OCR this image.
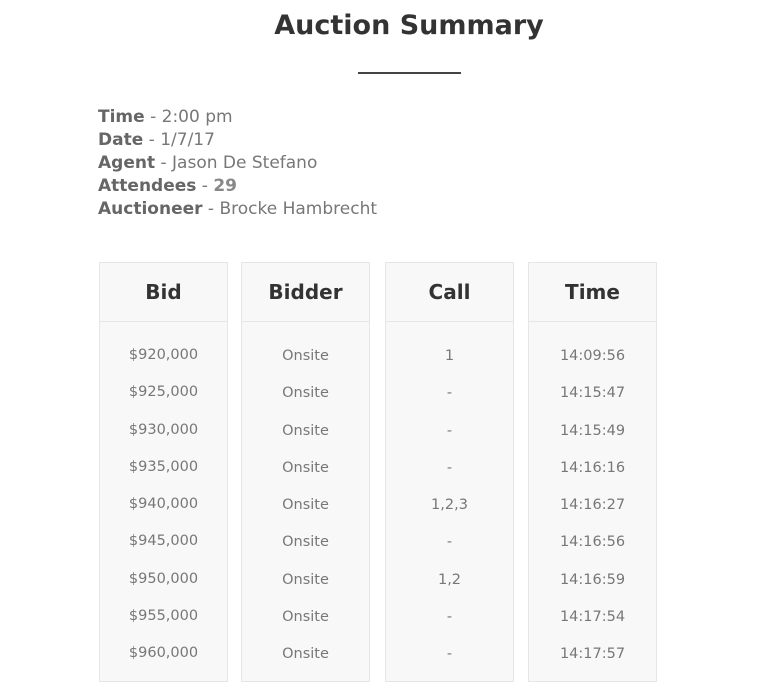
Auction Summary
Time - 2:00 pm
Date - 1/7/17
Agent - Jason De Stefano
Attendees - 29
Auctioneer - Brocke Hambrecht
Bid
$920,000
$925,000
$930,000
$935,000
$940,000
$945,000
$950,000
$955,000
$960,000
Bidder
Onsite
Onsite
Onsite
Onsite
Onsite
Onsite
Onsite
Onsite
Onsite
Call
1
-
-
-
1,2,3
-
1,2
-
-
Time
14:09:56
14:15:47
14:15:49
14:16:16
14:16:27
14:16:56
14:16:59
14:17:54
14:17:57
